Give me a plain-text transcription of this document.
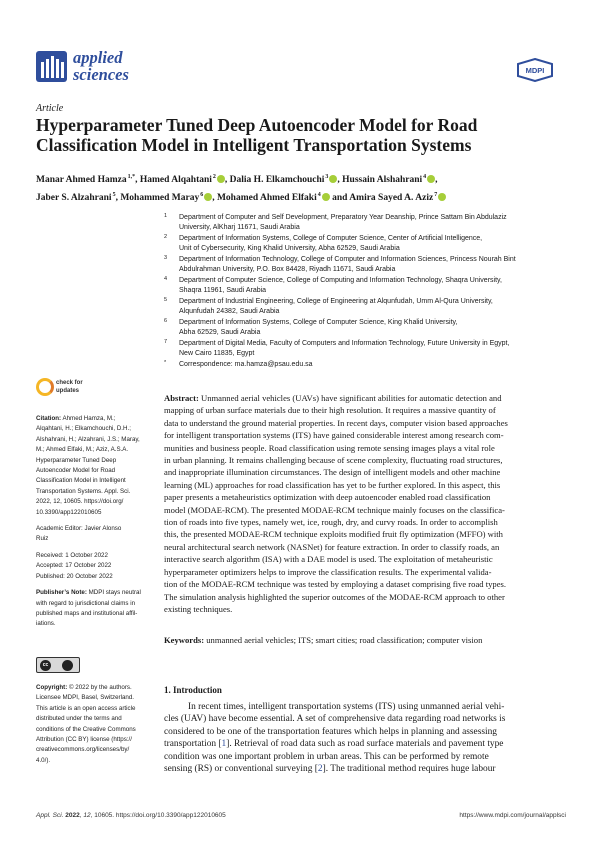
applied
sciences	MDPI
Article
Hyperparameter Tuned Deep Autoencoder Model for Road Classification Model in Intelligent Transportation Systems
Manar Ahmed Hamza$^{1,*}$, Hamed Alqahtani$^2$ , Dalia H. Elkamchouchi$^3$ , Hussain Alshahrani$^4$ ,
Jaber S. Alzahrani$^5$, Mohammed Maray$^6$ , Mohamed Ahmed Elfaki$^4$ and Amira Sayed A. Aziz$^7$
1 Department of Computer and Self Development, Preparatory Year Deanship, Prince Sattam Bin Abdulaziz
University, AlKharj 11671, Saudi Arabia
2 Department of Information Systems, College of Computer Science, Center of Artificial Intelligence,
Unit of Cybersecurity, King Khalid University, Abha 62529, Saudi Arabia
3 Department of Information Technology, College of Computer and Information Sciences, Princess Nourah Bint
Abdulrahman University, P.O. Box 84428, Riyadh 11671, Saudi Arabia
4 Department of Computer Science, College of Computing and Information Technology, Shaqra University,
Shaqra 11961, Saudi Arabia
5 Department of Industrial Engineering, College of Engineering at Alqunfudah, Umm Al-Qura University,
Alqunfudah 24382, Saudi Arabia
6 Department of Information Systems, College of Computer Science, King Khalid University,
Abha 62529, Saudi Arabia
7 Department of Digital Media, Faculty of Computers and Information Technology, Future University in Egypt,
New Cairo 11835, Egypt
* Correspondence: ma.hamza@psau.edu.sa
check for
updates
Citation: Ahmed Hamza, M.;
Alqahtani, H.; Elkamchouchi, D.H.;
Alshahrani, H.; Alzahrani, J.S.; Maray,
M.; Ahmed Elfaki, M.; Aziz, A.S.A.
Hyperparameter Tuned Deep
Autoencoder Model for Road
Classification Model in Intelligent
Transportation Systems. Appl. Sci.
2022, 12, 10605. https://doi.org/
10.3390/app122010605
Academic Editor: Javier Alonso
Ruiz
Received: 1 October 2022
Accepted: 17 October 2022
Published: 20 October 2022
Publisher’s Note: MDPI stays neutral
with regard to jurisdictional claims in
published maps and institutional affil-
iations.
cc
Copyright: © 2022 by the authors.
Licensee MDPI, Basel, Switzerland.
This article is an open access article
distributed under the terms and
conditions of the Creative Commons
Attribution (CC BY) license (https://
creativecommons.org/licenses/by/
4.0/).
Abstract: Unmanned aerial vehicles (UAVs) have significant abilities for automatic detection and
mapping of urban surface materials due to their high resolution. It requires a massive quantity of
data to understand the ground material properties. In recent days, computer vision based approaches
for intelligent transportation systems (ITS) have gained considerable interest among research com-
munities and business people. Road classification using remote sensing images plays a vital role
in urban planning. It remains challenging because of scene complexity, fluctuating road structures,
and inappropriate illumination circumstances. The design of intelligent models and other machine
learning (ML) approaches for road classification has yet to be further explored. In this aspect, this
paper presents a metaheuristics optimization with deep autoencoder enabled road classification
model (MODAE-RCM). The presented MODAE-RCM technique mainly focuses on the classifica-
tion of roads into five types, namely wet, ice, rough, dry, and curvy roads. In order to accomplish
this, the presented MODAE-RCM technique exploits modified fruit fly optimization (MFFO) with
neural architectural search network (NASNet) for feature extraction. In order to classify roads, an
interactive search algorithm (ISA) with a DAE model is used. The exploitation of metaheuristic
hyperparameter optimizers helps to improve the classification results. The experimental valida-
tion of the MODAE-RCM technique was tested by employing a dataset comprising five road types.
The simulation analysis highlighted the superior outcomes of the MODAE-RCM approach to other
existing techniques.
Keywords: unmanned aerial vehicles; ITS; smart cities; road classification; computer vision
1. Introduction
In recent times, intelligent transportation systems (ITS) using unmanned aerial vehi-
cles (UAV) have become essential. A set of comprehensive data regarding road networks is
considered to be one of the transportation features which helps in planning and assessing
transportation [1]. Retrieval of road data such as road surface materials and pavement type
condition was one important problem in urban areas. This can be performed by remote
sensing (RS) or conventional surveying [2]. The traditional method requires huge labour
Appl. Sci. 2022, 12, 10605. https://doi.org/10.3390/app122010605	https://www.mdpi.com/journal/applsci
